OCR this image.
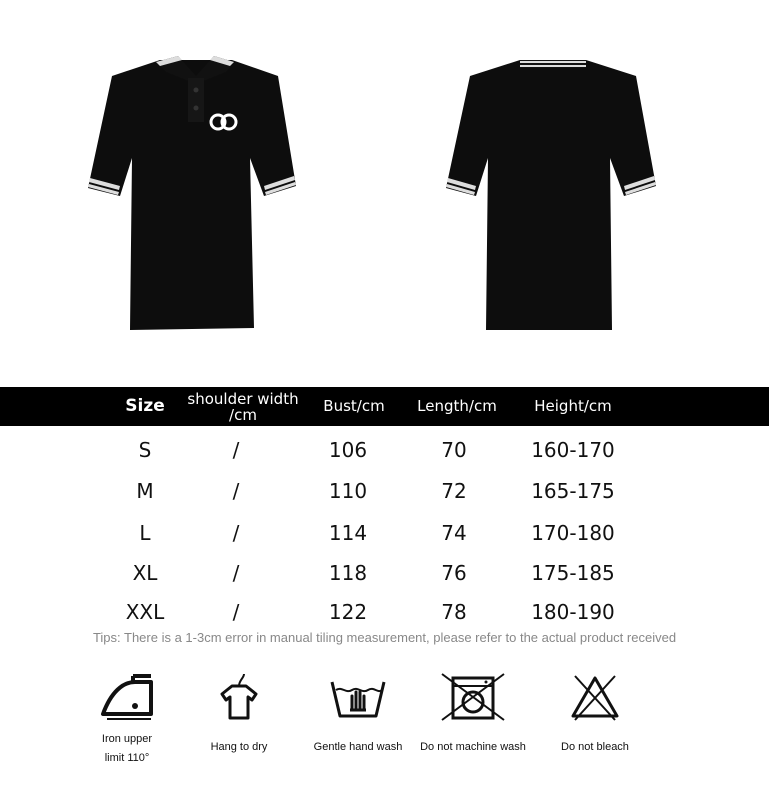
Size	shoulder width /cm	Bust/cm	Length/cm	Height/cm
S	/	106	70	160-170
M	/	110	72	165-175
L	/	114	74	170-180
XL	/	118	76	175-185
XXL	/	122	78	180-190
Tips: There is a 1-3cm error in manual tiling measurement, please refer to the actual product received
Iron upper limit 110°
Hang to dry	Gentle hand wash	Do not machine wash	Do not bleach
